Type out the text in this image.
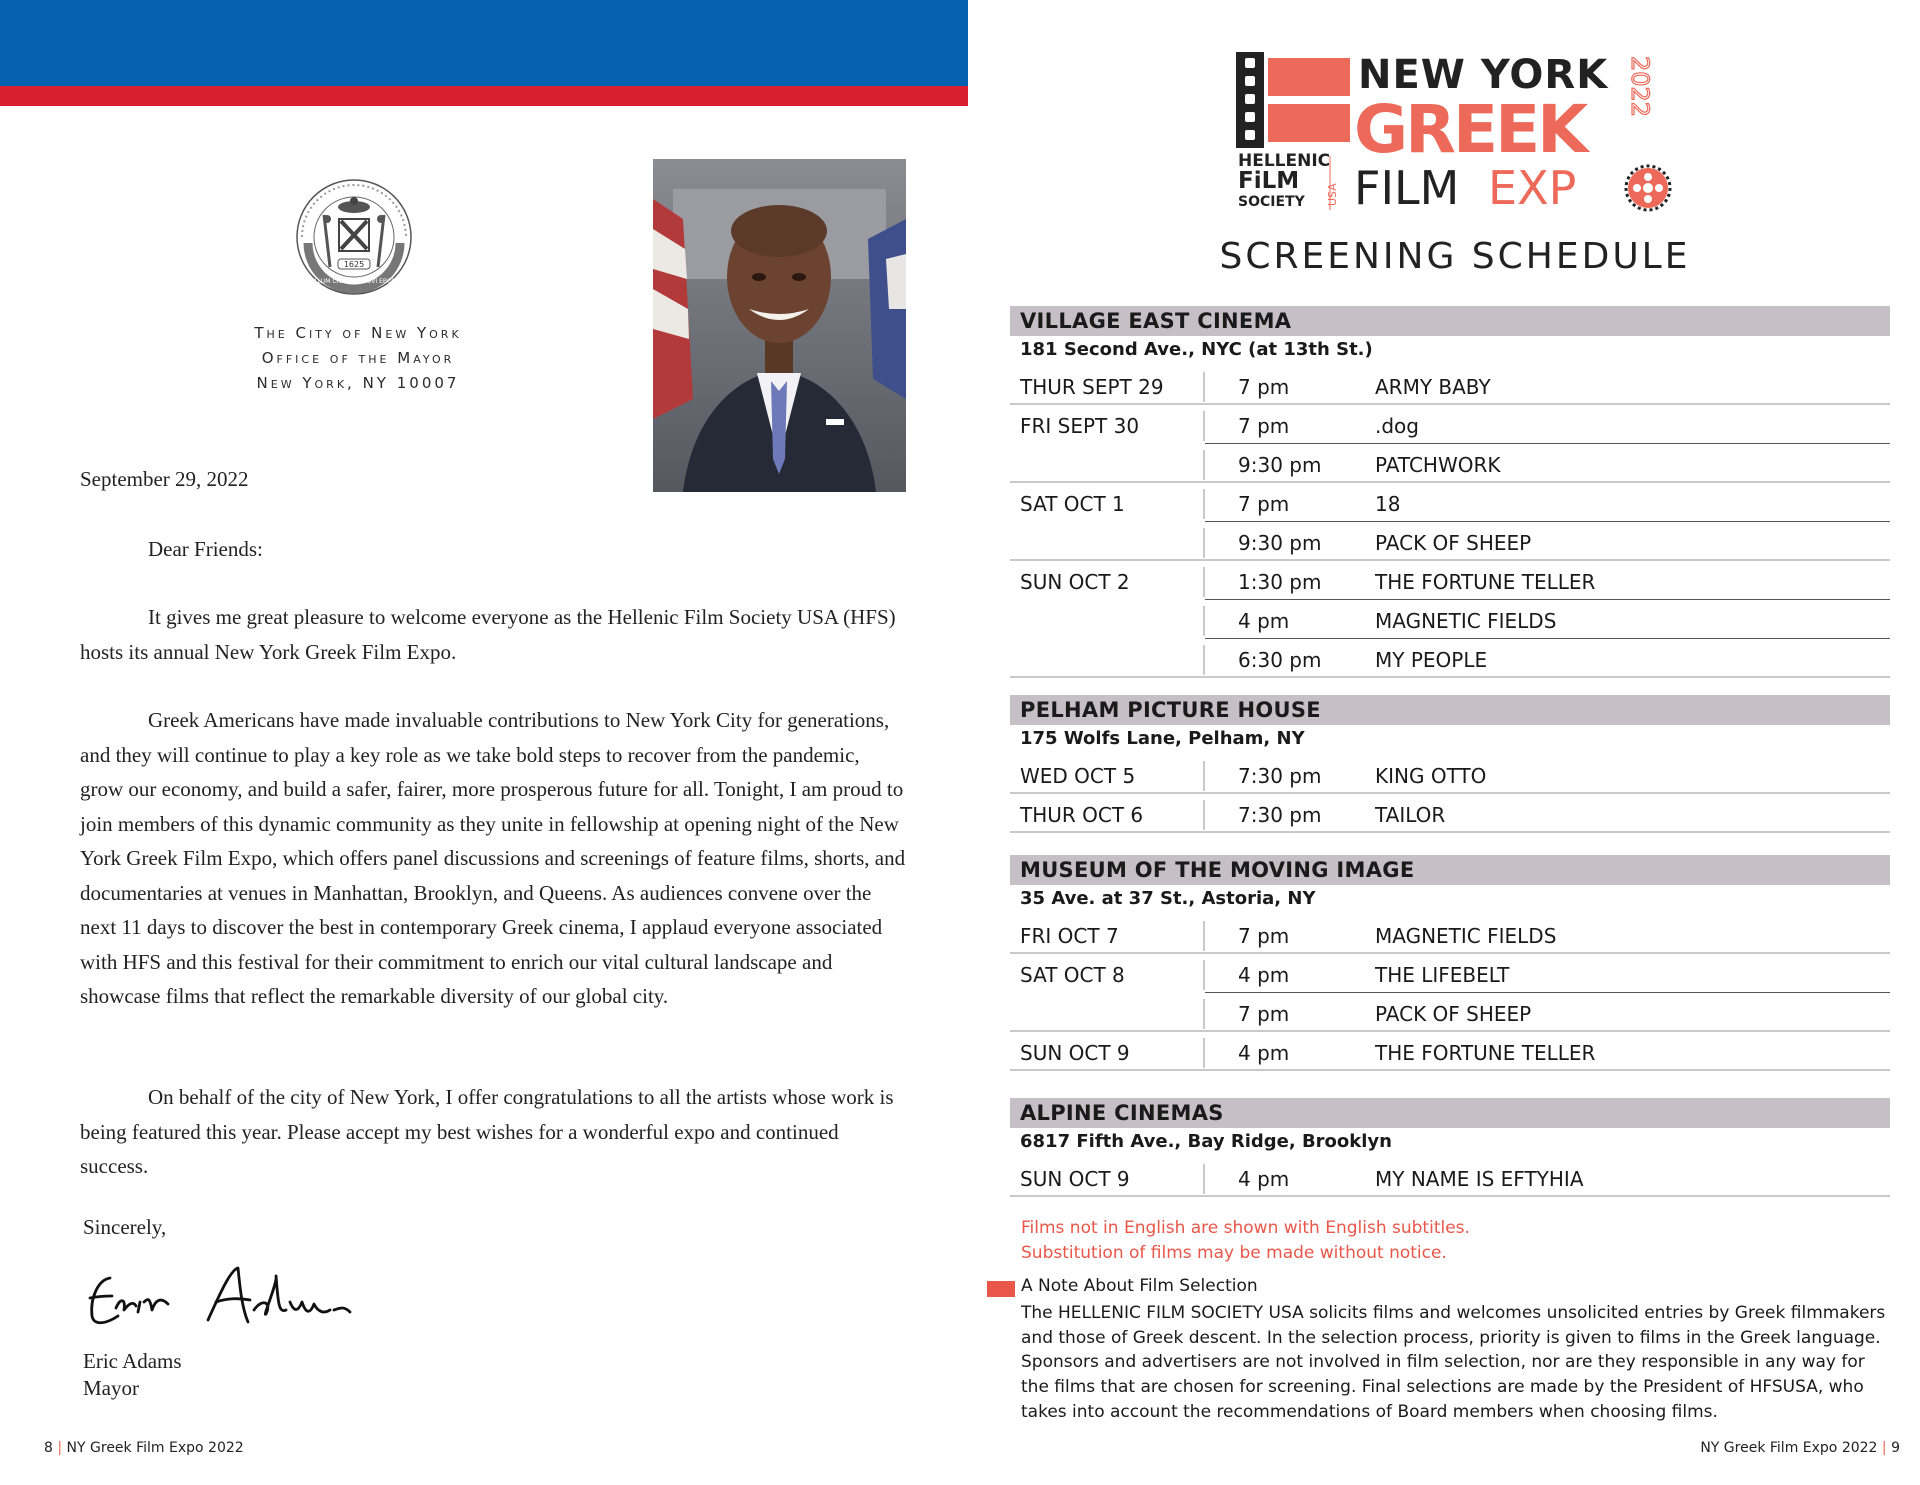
SIGILLUM CIVITATIS NOVI EBORACI
1625
The City of New York
Office of the Mayor
New York, NY 10007
September 29, 2022
Dear Friends:

It gives me great pleasure to welcome everyone as the Hellenic Film Society USA (HFS) hosts its annual New York Greek Film Expo.

Greek Americans have made invaluable contributions to New York City for generations, and they will continue to play a key role as we take bold steps to recover from the pandemic, grow our economy, and build a safer, fairer, more prosperous future for all. Tonight, I am proud to join members of this dynamic community as they unite in fellowship at opening night of the New York Greek Film Expo, which offers panel discussions and screenings of feature films, shorts, and documentaries at venues in Manhattan, Brooklyn, and Queens. As audiences convene over the next 11 days to discover the best in contemporary Greek cinema, I applaud everyone associated with HFS and this festival for their commitment to enrich our vital cultural landscape and showcase films that reflect the remarkable diversity of our global city.

On behalf of the city of New York, I offer congratulations to all the artists whose work is being featured this year. Please accept my best wishes for a wonderful expo and continued success.

Sincerely,
Eric Adams
Mayor
8 | NY Greek Film Expo 2022
HELLENIC
FiLM
SOCIETY USA
NEW YORK
GREEK
2022
FILM EXP
SCREENING SCHEDULE
VILLAGE EAST CINEMA
181 Second Ave., NYC (at 13th St.)
THUR SEPT 29	7 pm	ARMY BABY
FRI SEPT 30	7 pm	.dog
9:30 pm	PATCHWORK
SAT OCT 1	7 pm	18
9:30 pm	PACK OF SHEEP
SUN OCT 2	1:30 pm	THE FORTUNE TELLER
4 pm	MAGNETIC FIELDS
6:30 pm	MY PEOPLE
PELHAM PICTURE HOUSE
175 Wolfs Lane, Pelham, NY
WED OCT 5	7:30 pm	KING OTTO
THUR OCT 6	7:30 pm	TAILOR
MUSEUM OF THE MOVING IMAGE
35 Ave. at 37 St., Astoria, NY
FRI OCT 7	7 pm	MAGNETIC FIELDS
SAT OCT 8	4 pm	THE LIFEBELT
7 pm	PACK OF SHEEP
SUN OCT 9	4 pm	THE FORTUNE TELLER
ALPINE CINEMAS
6817 Fifth Ave., Bay Ridge, Brooklyn
SUN OCT 9	4 pm	MY NAME IS EFTYHIA
Films not in English are shown with English subtitles.
Substitution of films may be made without notice.
A Note About Film Selection
The HELLENIC FILM SOCIETY USA solicits films and welcomes unsolicited entries by Greek filmmakers and those of Greek descent. In the selection process, priority is given to films in the Greek language. Sponsors and advertisers are not involved in film selection, nor are they responsible in any way for the films that are chosen for screening. Final selections are made by the President of HFSUSA, who takes into account the recommendations of Board members when choosing films.
NY Greek Film Expo 2022 | 9
